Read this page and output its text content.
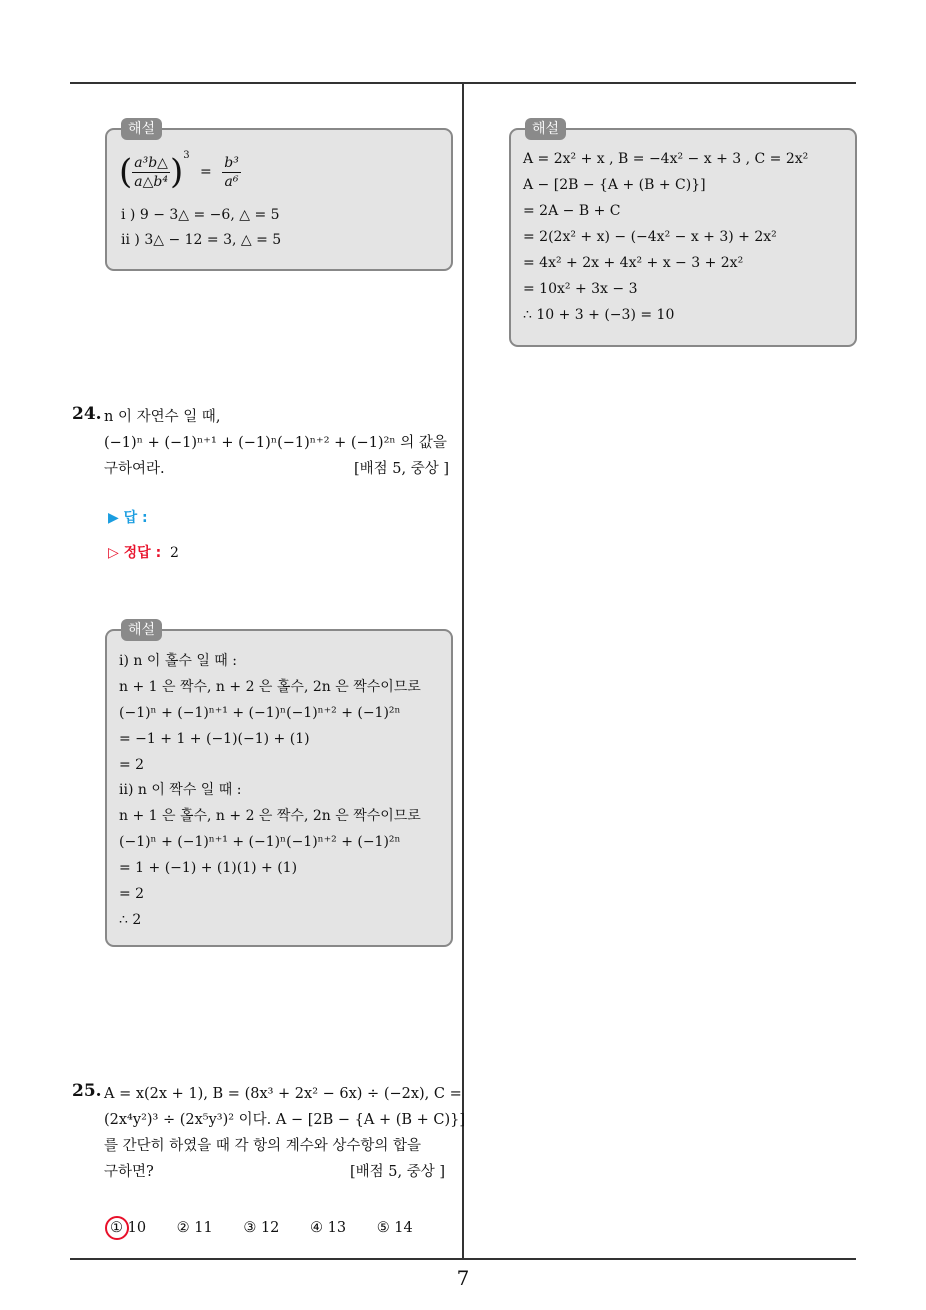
해설
( $\frac{\text{a³b△}}{\text{a△b⁴}} )^3 = \frac{\text{b³}}{\text{a⁶}}$
i ) 9 − 3△ = −6, △ = 5
ii ) 3△ − 12 = 3, △ = 5
해설
A = 2x² + x , B = −4x² − x + 3 , C = 2x²
A − [2B − {A + (B + C)}]
= 2A − B + C
= 2(2x² + x) − (−4x² − x + 3) + 2x²
= 4x² + 2x + 4x² + x − 3 + 2x²
= 10x² + 3x − 3
∴ 10 + 3 + (−3) = 10
24. n 이 자연수 일 때,
(−1)ⁿ + (−1)ⁿ⁺¹ + (−1)ⁿ(−1)ⁿ⁺² + (−1)²ⁿ 의 값을
구하여라.	[배점 5, 중상 ]
▶ 답 :
▷ 정답 : 2
해설
i) n 이 홀수 일 때 :
n + 1 은 짝수, n + 2 은 홀수, 2n 은 짝수이므로
(−1)ⁿ + (−1)ⁿ⁺¹ + (−1)ⁿ(−1)ⁿ⁺² + (−1)²ⁿ
= −1 + 1 + (−1)(−1) + (1)
= 2
ii) n 이 짝수 일 때 :
n + 1 은 홀수, n + 2 은 짝수, 2n 은 짝수이므로
(−1)ⁿ + (−1)ⁿ⁺¹ + (−1)ⁿ(−1)ⁿ⁺² + (−1)²ⁿ
= 1 + (−1) + (1)(1) + (1)
= 2
∴ 2
25. A = x(2x + 1), B = (8x³ + 2x² − 6x) ÷ (−2x), C =
(2x⁴y²)³ ÷ (2x⁵y³)² 이다. A − [2B − {A + (B + C)}]
를 간단히 하였을 때 각 항의 계수와 상수항의 합을
구하면?	[배점 5, 중상 ]
① 10 ② 11 ③ 12 ④ 13 ⑤ 14
7
